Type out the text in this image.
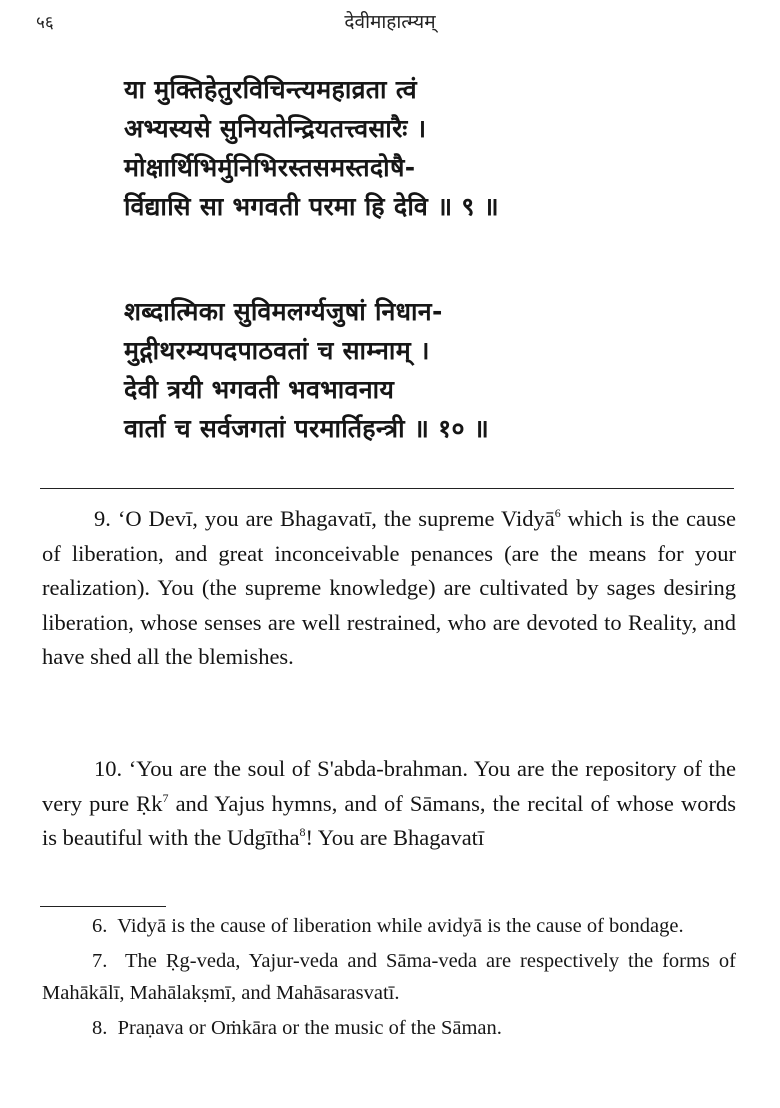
५६	देवीमाहात्म्यम्
या मुक्तिहेतुरविचिन्त्यमहाव्रता त्वं
अभ्यस्यसे सुनियतेन्द्रियतत्त्वसारैः ।
मोक्षार्थिभिर्मुनिभिरस्तसमस्तदोषै-
र्विद्यासि सा भगवती परमा हि देवि ॥ ९ ॥
शब्दात्मिका सुविमलर्ग्यजुषां निधान-
मुद्गीथरम्यपदपाठवतां च साम्नाम् ।
देवी त्रयी भगवती भवभावनाय
वार्ता च सर्वजगतां परमार्तिहन्त्री ॥ १० ॥

9. ‘O Devī, you are Bhagavatī, the supreme Vidyā$^6$ which is the cause of liberation, and great inconceivable penances (are the means for your realization). You (the supreme knowledge) are cultivated by sages desiring liberation, whose senses are well restrained, who are devoted to Reality, and have shed all the blemishes.

10. ‘You are the soul of S'abda-brahman. You are the repository of the very pure Ṛk$^7$ and Yajus hymns, and of Sāmans, the recital of whose words is beautiful with the Udgītha$^8$! You are Bhagavatī

6. Vidyā is the cause of liberation while avidyā is the cause of bondage.

7. The Ṛg-veda, Yajur-veda and Sāma-veda are respectively the forms of Mahākālī, Mahālakṣmī, and Mahāsarasvatī.

8. Praṇava or Oṁkāra or the music of the Sāman.
